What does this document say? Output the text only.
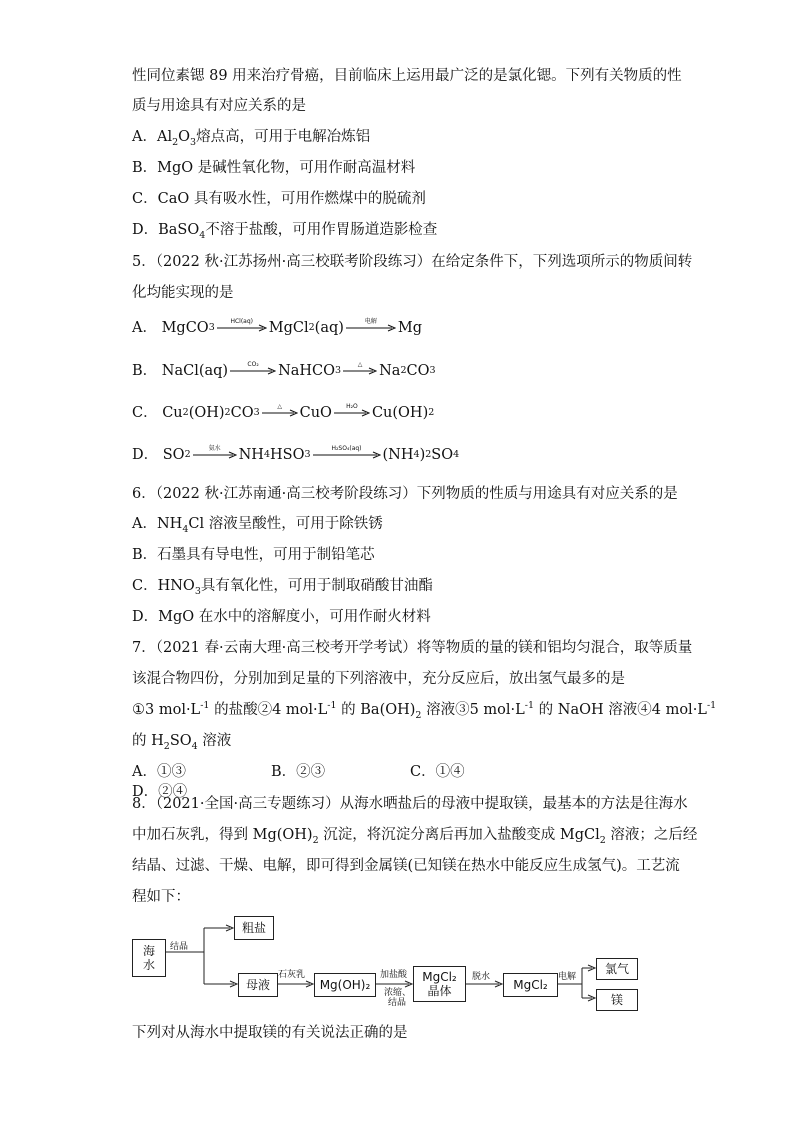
性同位素锶 89 用来治疗骨癌，目前临床上运用最广泛的是氯化锶。下列有关物质的性
质与用途具有对应关系的是
A．$Al_2O_3$熔点高，可用于电解冶炼铝
B．MgO 是碱性氧化物，可用作耐高温材料
C．CaO 具有吸水性，可用作燃煤中的脱硫剂
D．BaSO$_4$不溶于盐酸，可用作胃肠道造影检查
5．（2022 秋·江苏扬州·高三校联考阶段练习）在给定条件下，下列选项所示的物质间转
化均能实现的是
A． MgCO 3
HCl(aq)	MgCl 2 (aq)	电解	Mg
B． NaCl(aq)	CO₂	NaHCO 3
△	Na 2 CO 3
C． Cu 2 (OH) 2 CO 3
△	CuO	H₂O Cu(OH) 2
D． SO 2
氨水	NH 4 HSO 3
H₂SO₄(aq)	(NH 4 ) 2 SO 4
6．（2022 秋·江苏南通·高三校考阶段练习）下列物质的性质与用途具有对应关系的是
A．$NH_4Cl$ 溶液呈酸性，可用于除铁锈
B．石墨具有导电性，可用于制铅笔芯
C．$HNO_3$具有氧化性，可用于制取硝酸甘油酯
D．MgO 在水中的溶解度小，可用作耐火材料
7．（2021 春·云南大理·高三校考开学考试）将等物质的量的镁和铝均匀混合，取等质量
该混合物四份，分别加到足量的下列溶液中，充分反应后，放出氢气最多的是
①3 $mol\cdot L^{-1}$ 的盐酸②4 $mol\cdot L^{-1}$ 的 $Ba(OH)_2$ 溶液③5 $mol\cdot L^{-1}$ 的 NaOH 溶液④4 $mol\cdot L^{-1}$
的 $H_2SO_4$ 溶液
A．①③	B．②③	C．①④D．②④
8．（2021·全国·高三专题练习）从海水晒盐后的母液中提取镁，最基本的方法是往海水
中加石灰乳，得到 $Mg(OH)_2$ 沉淀，将沉淀分离后再加入盐酸变成 MgCl$_2$ 溶液；之后经
结晶、过滤、干燥、电解，即可得到金属镁(已知镁在热水中能反应生成氢气)。工艺流
程如下：
海水
结晶
粗盐
母液
石灰乳
Mg(OH)₂
加盐酸
浓缩、
结晶
MgCl₂
晶体
脱水
MgCl₂
电解
氯气
镁
下列对从海水中提取镁的有关说法正确的是
